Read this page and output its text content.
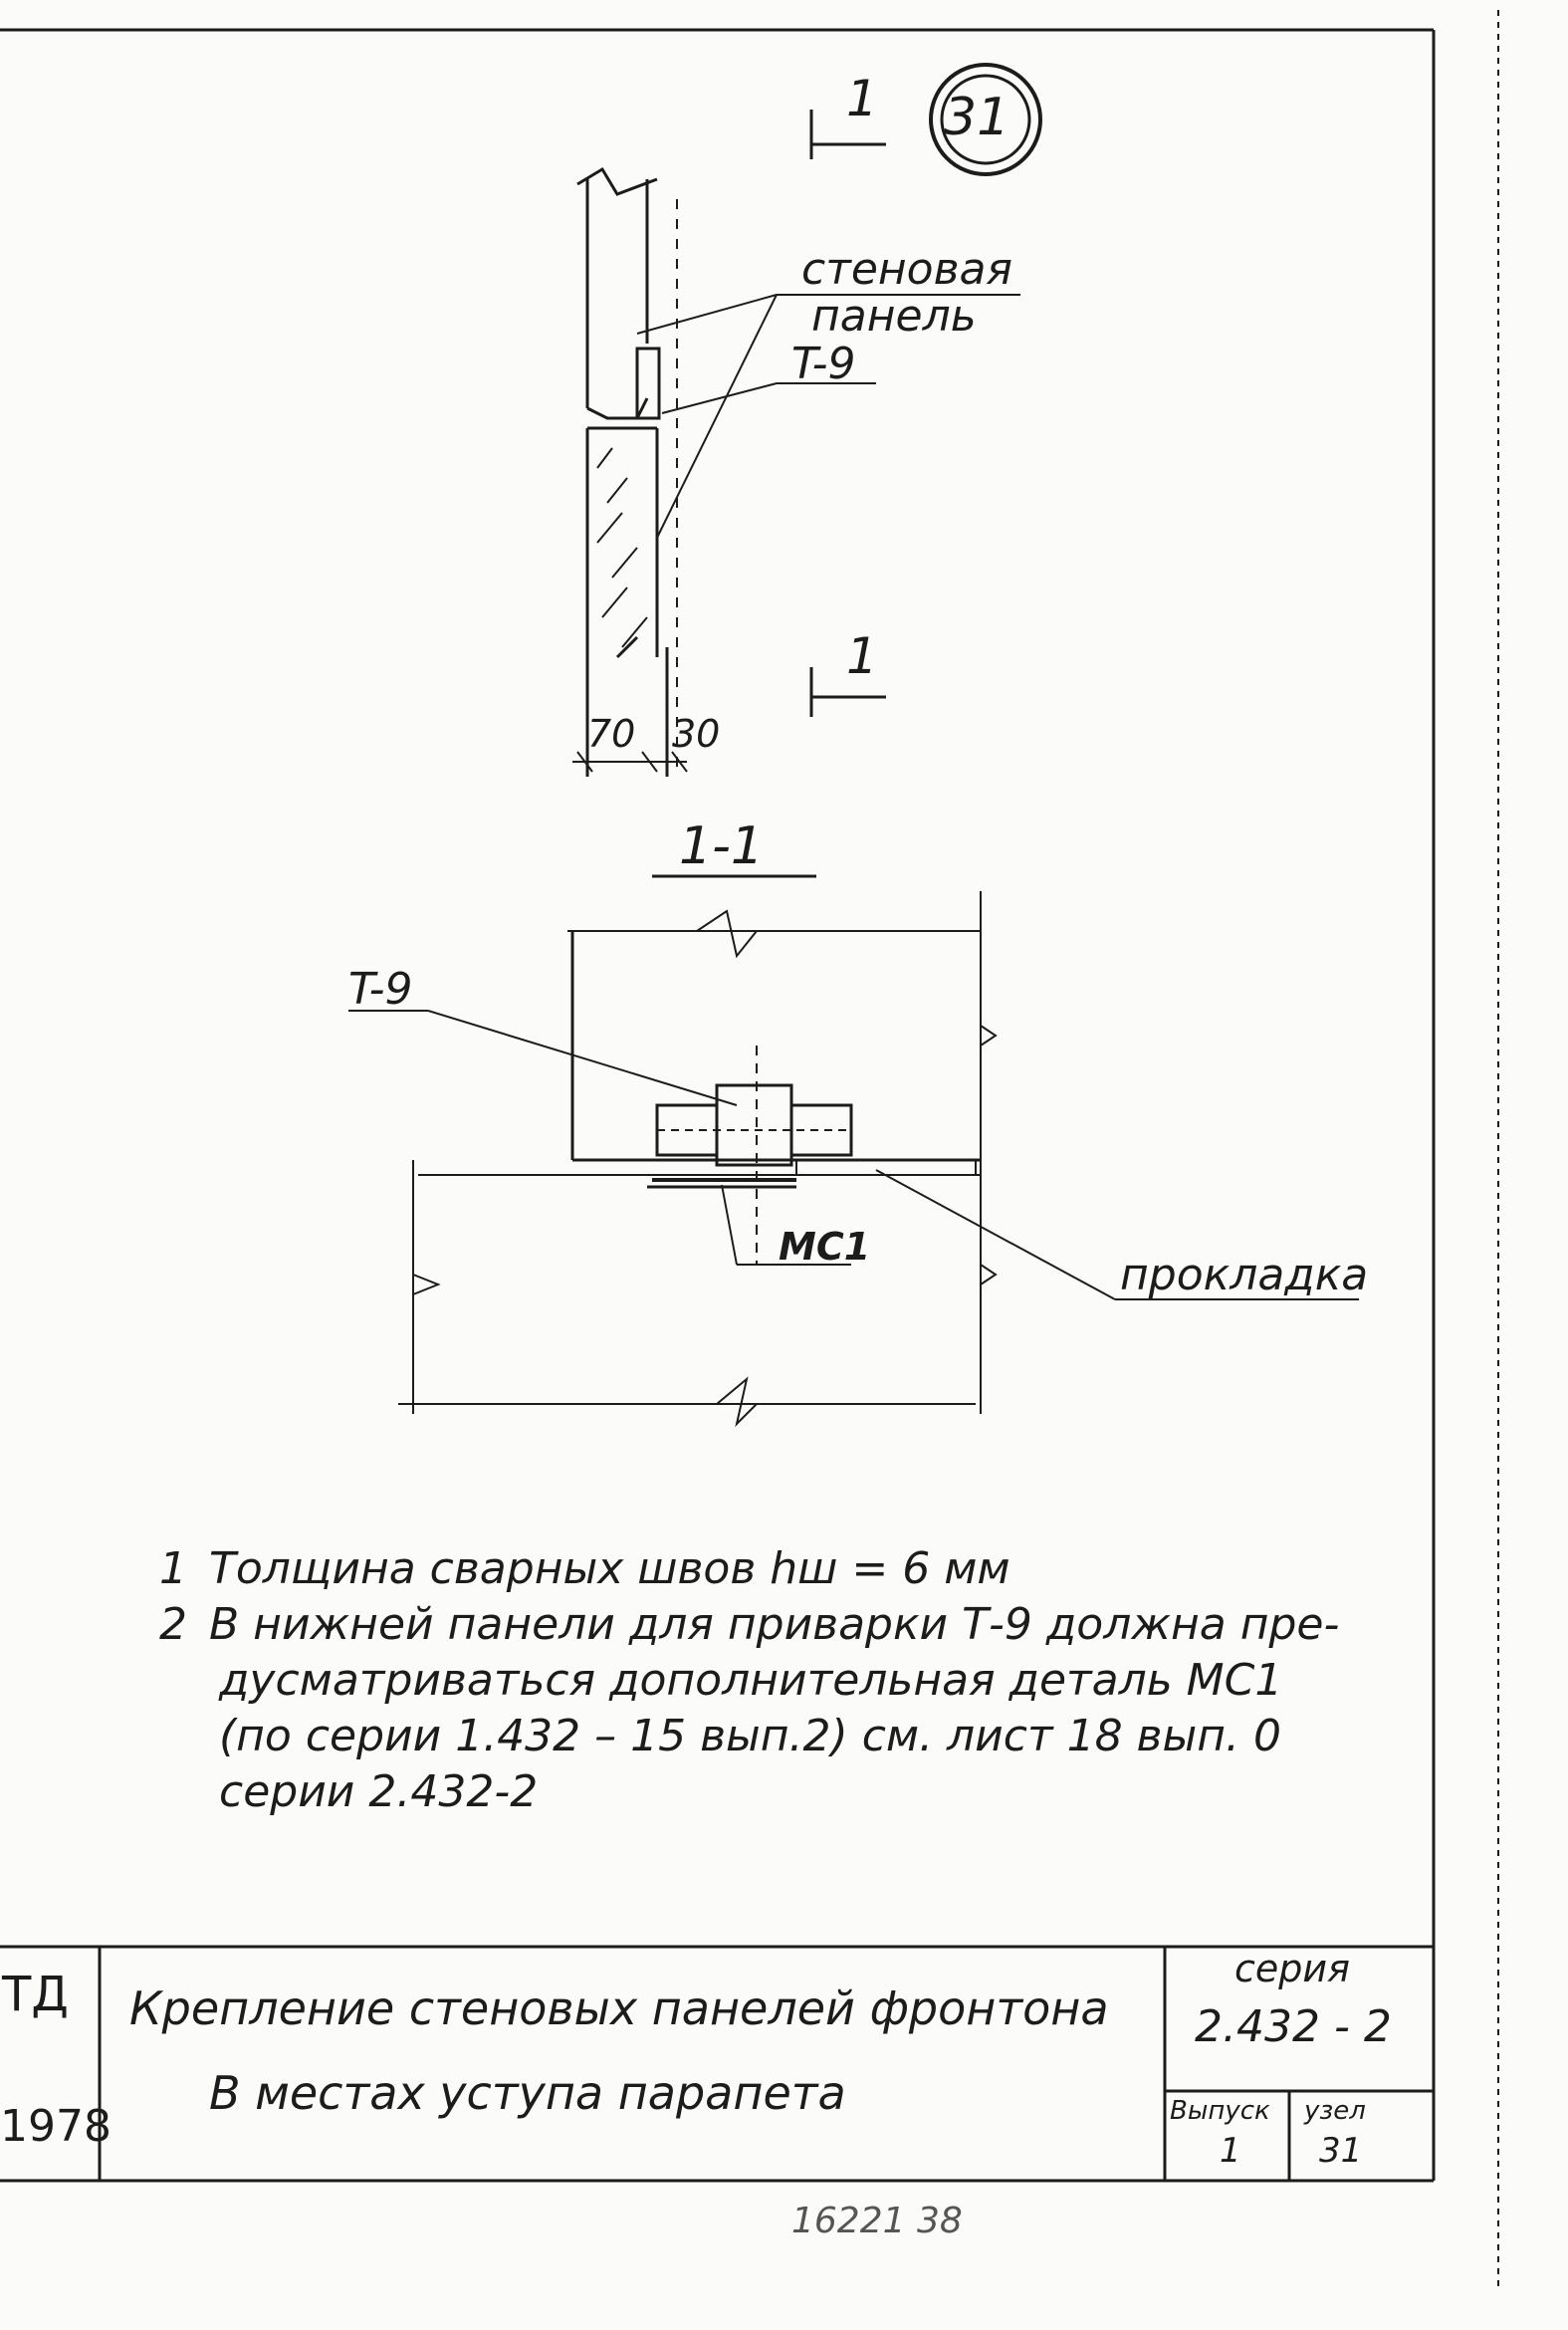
31
1
1
стеновая
панель
T-9
70 30
1-1
T-9
МС1
прокладка
1 Толщина сварных швов hш = 6 мм
2 В нижней панели для приварки Т-9 должна пре-
дусматриваться дополнительная деталь МС1
(по серии 1.432 – 15 вып.2) см. лист 18 вып. 0
серии 2.432-2
ТД
1978
Крепление стеновых панелей фронтона
В местах уступа парапета
серия
2.432 - 2
Выпуск
1
узел
31
16221 38
